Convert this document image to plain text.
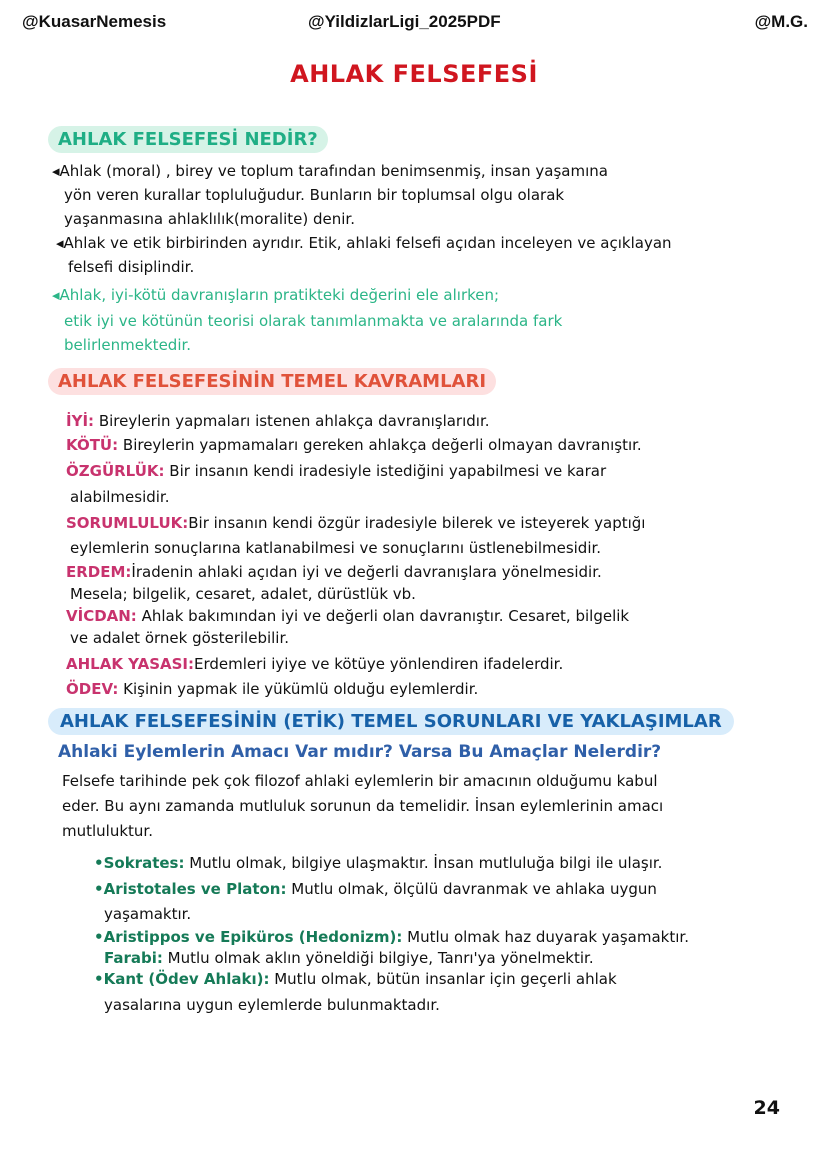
@KuasarNemesis	@YildizlarLigi_2025PDF	@M.G.
AHLAK FELSEFESİ
AHLAK FELSEFESİ NEDİR?
◂Ahlak (moral) , birey ve toplum tarafından benimsenmiş, insan yaşamına
yön veren kurallar topluluğudur. Bunların bir toplumsal olgu olarak
yaşanmasına ahlaklılık(moralite) denir.
◂Ahlak ve etik birbirinden ayrıdır. Etik, ahlaki felsefi açıdan inceleyen ve açıklayan
felsefi disiplindir.
◂Ahlak, iyi-kötü davranışların pratikteki değerini ele alırken;
etik iyi ve kötünün teorisi olarak tanımlanmakta ve aralarında fark
belirlenmektedir.
AHLAK FELSEFESİNİN TEMEL KAVRAMLARI
İYİ: Bireylerin yapmaları istenen ahlakça davranışlarıdır.
KÖTÜ: Bireylerin yapmamaları gereken ahlakça değerli olmayan davranıştır.
ÖZGÜRLÜK: Bir insanın kendi iradesiyle istediğini yapabilmesi ve karar
alabilmesidir.
SORUMLULUK:Bir insanın kendi özgür iradesiyle bilerek ve isteyerek yaptığı
eylemlerin sonuçlarına katlanabilmesi ve sonuçlarını üstlenebilmesidir.
ERDEM:İradenin ahlaki açıdan iyi ve değerli davranışlara yönelmesidir.
Mesela; bilgelik, cesaret, adalet, dürüstlük vb.
VİCDAN: Ahlak bakımından iyi ve değerli olan davranıştır. Cesaret, bilgelik
ve adalet örnek gösterilebilir.
AHLAK YASASI:Erdemleri iyiye ve kötüye yönlendiren ifadelerdir.
ÖDEV: Kişinin yapmak ile yükümlü olduğu eylemlerdir.
AHLAK FELSEFESİNİN (ETİK) TEMEL SORUNLARI VE YAKLAŞIMLAR
Ahlaki Eylemlerin Amacı Var mıdır? Varsa Bu Amaçlar Nelerdir?
Felsefe tarihinde pek çok filozof ahlaki eylemlerin bir amacının olduğumu kabul
eder. Bu aynı zamanda mutluluk sorunun da temelidir. İnsan eylemlerinin amacı
mutluluktur.
•Sokrates: Mutlu olmak, bilgiye ulaşmaktır. İnsan mutluluğa bilgi ile ulaşır.
•Aristotales ve Platon: Mutlu olmak, ölçülü davranmak ve ahlaka uygun
yaşamaktır.
•Aristippos ve Epiküros (Hedonizm): Mutlu olmak haz duyarak yaşamaktır.
Farabi: Mutlu olmak aklın yöneldiği bilgiye, Tanrı'ya yönelmektir.
•Kant (Ödev Ahlakı): Mutlu olmak, bütün insanlar için geçerli ahlak
yasalarına uygun eylemlerde bulunmaktadır.
24
